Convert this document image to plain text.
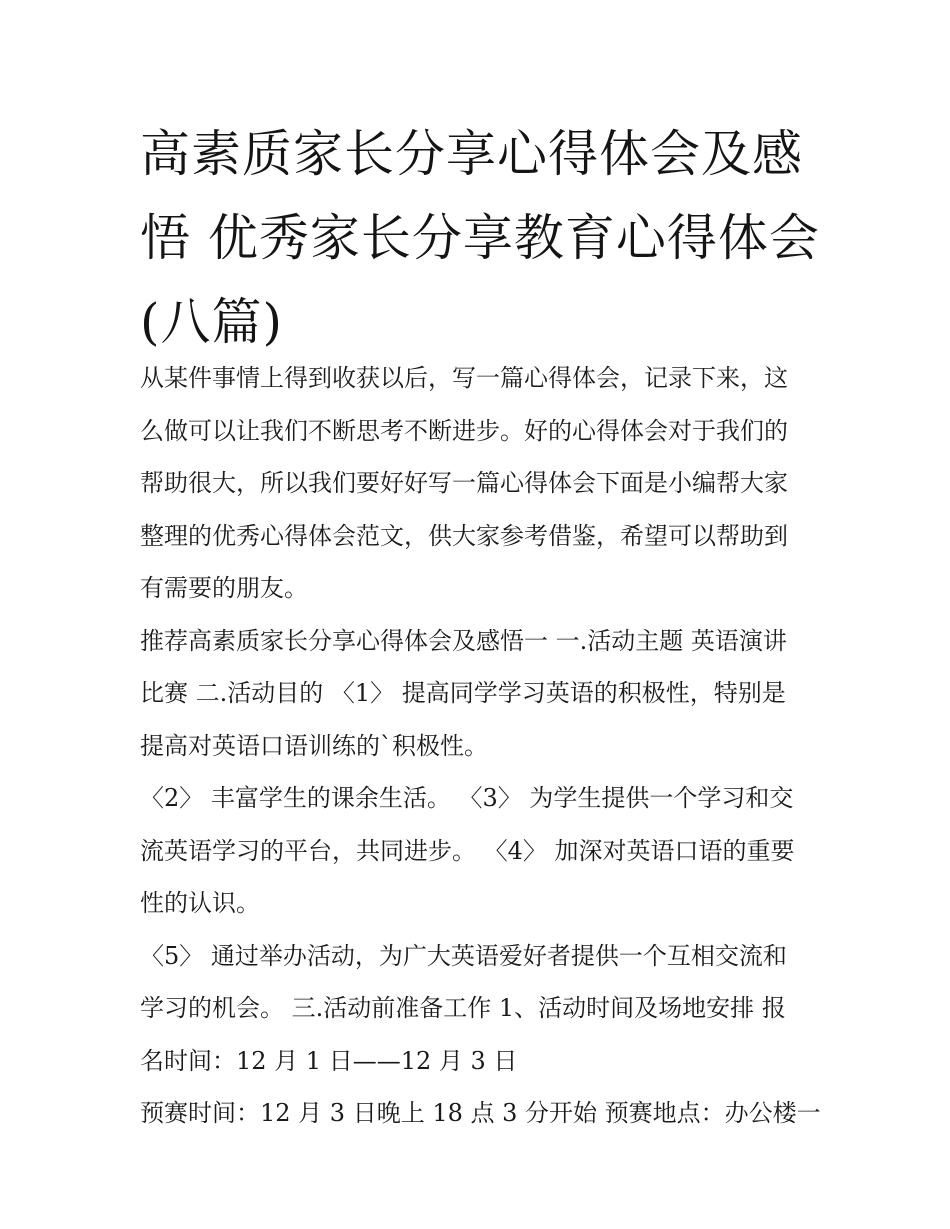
高素质家长分享心得体会及感
悟 优秀家长分享教育心得体会
(八篇)
从某件事情上得到收获以后，写一篇心得体会，记录下来，这
么做可以让我们不断思考不断进步。好的心得体会对于我们的
帮助很大，所以我们要好好写一篇心得体会下面是小编帮大家
整理的优秀心得体会范文，供大家参考借鉴，希望可以帮助到
有需要的朋友。
推荐高素质家长分享心得体会及感悟一 一.活动主题 英语演讲
比赛 二.活动目的 〈1〉 提高同学学习英语的积极性，特别是
提高对英语口语训练的`积极性。
〈2〉 丰富学生的课余生活。 〈3〉 为学生提供一个学习和交
流英语学习的平台，共同进步。 〈4〉 加深对英语口语的重要
性的认识。
〈5〉 通过举办活动，为广大英语爱好者提供一个互相交流和
学习的机会。 三.活动前准备工作 1、活动时间及场地安排 报
名时间：12 月 1 日——12 月 3 日
预赛时间：12 月 3 日晚上 18 点 3 分开始 预赛地点：办公楼一
